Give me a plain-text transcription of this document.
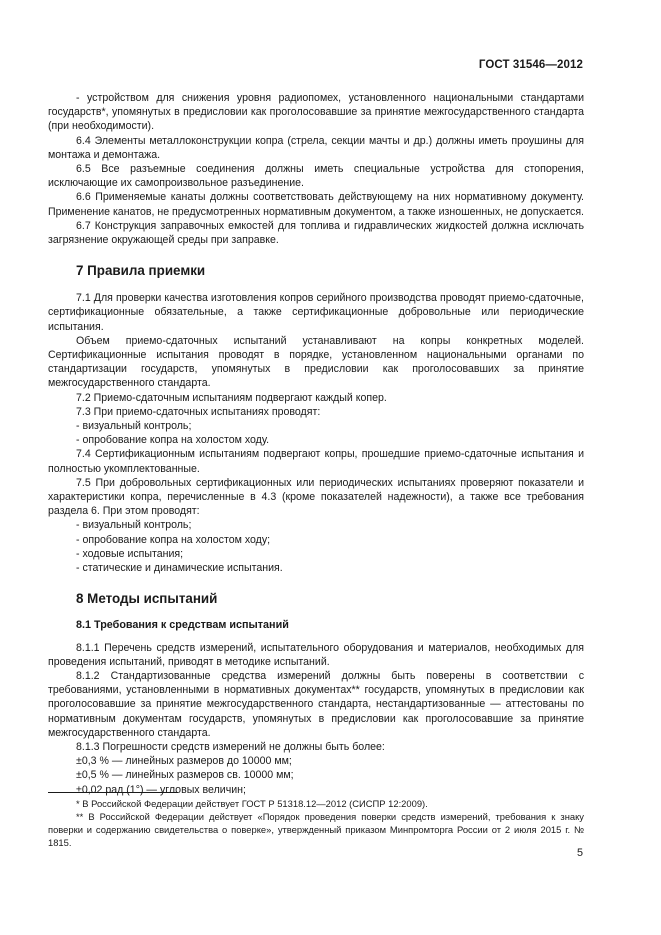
ГОСТ 31546—2012

- устройством для снижения уровня радиопомех, установленного национальными стандартами государств*, упомянутых в предисловии как проголосовавшие за принятие межгосударственного стандарта (при необходимости).

6.4 Элементы металлоконструкции копра (стрела, секции мачты и др.) должны иметь проушины для монтажа и демонтажа.

6.5 Все разъемные соединения должны иметь специальные устройства для стопорения, исключающие их самопроизвольное разъединение.

6.6 Применяемые канаты должны соответствовать действующему на них нормативному документу. Применение канатов, не предусмотренных нормативным документом, а также изношенных, не допускается.

6.7 Конструкция заправочных емкостей для топлива и гидравлических жидкостей должна исключать загрязнение окружающей среды при заправке.

7 Правила приемки

7.1 Для проверки качества изготовления копров серийного производства проводят приемо-сдаточные, сертификационные обязательные, а также сертификационные добровольные или периодические испытания.

Объем приемо-сдаточных испытаний устанавливают на копры конкретных моделей. Сертификационные испытания проводят в порядке, установленном национальными органами по стандартизации государств, упомянутых в предисловии как проголосовавших за принятие межгосударственного стандарта.

7.2 Приемо-сдаточным испытаниям подвергают каждый копер.

7.3 При приемо-сдаточных испытаниях проводят:

- визуальный контроль;

- опробование копра на холостом ходу.

7.4 Сертификационным испытаниям подвергают копры, прошедшие приемо-сдаточные испытания и полностью укомплектованные.

7.5 При добровольных сертификационных или периодических испытаниях проверяют показатели и характеристики копра, перечисленные в 4.3 (кроме показателей надежности), а также все требования раздела 6. При этом проводят:

- визуальный контроль;

- опробование копра на холостом ходу;

- ходовые испытания;

- статические и динамические испытания.

8 Методы испытаний

8.1 Требования к средствам испытаний

8.1.1 Перечень средств измерений, испытательного оборудования и материалов, необходимых для проведения испытаний, приводят в методике испытаний.

8.1.2 Стандартизованные средства измерений должны быть поверены в соответствии с требованиями, установленными в нормативных документах** государств, упомянутых в предисловии как проголосовавшие за принятие межгосударственного стандарта, нестандартизованные — аттестованы по нормативным документам государств, упомянутых в предисловии как проголосовавшие за принятие межгосударственного стандарта.

8.1.3 Погрешности средств измерений не должны быть более:

±0,3 % — линейных размеров до 10000 мм;

±0,5 % — линейных размеров св. 10000 мм;

±0,02 рад (1°) — угловых величин;

* В Российской Федерации действует ГОСТ Р 51318.12—2012 (СИСПР 12:2009).

** В Российской Федерации действует «Порядок проведения поверки средств измерений, требования к знаку поверки и содержанию свидетельства о поверке», утвержденный приказом Минпромторга России от 2 июля 2015 г. № 1815.

5
